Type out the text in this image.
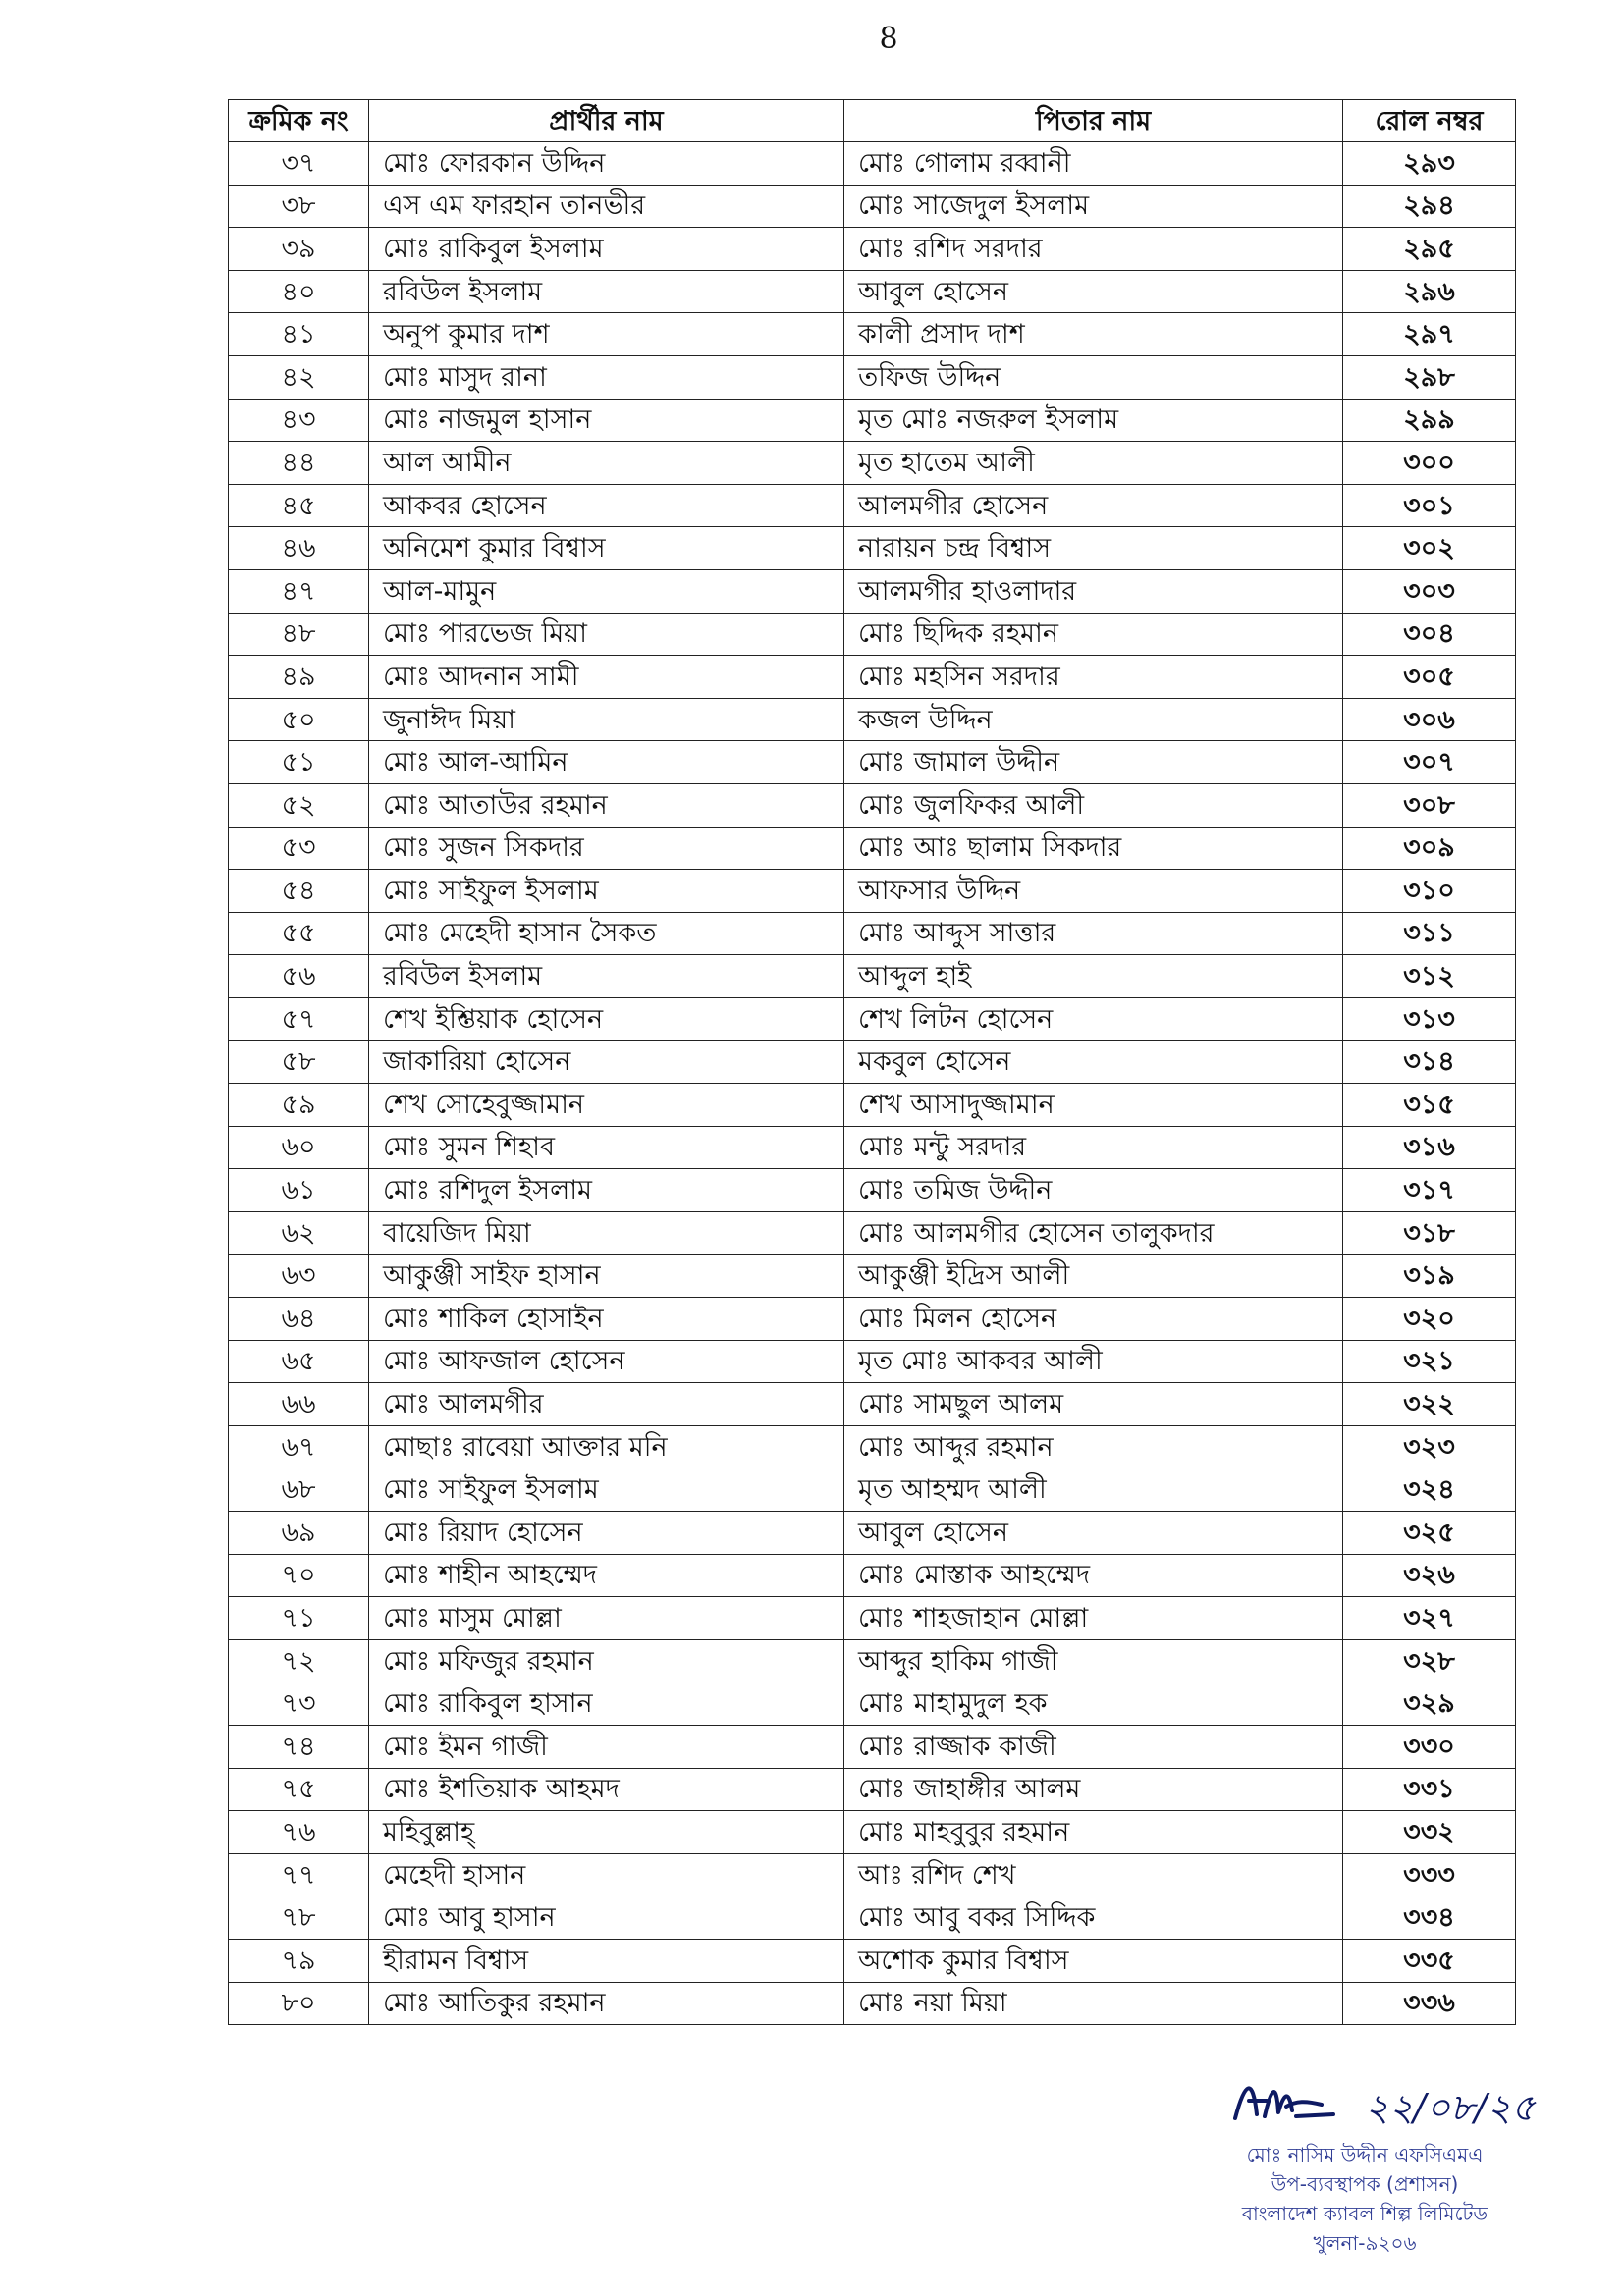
8
ক্রমিক নং	প্রার্থীর নাম	পিতার নাম	রোল নম্বর
৩৭	মোঃ ফোরকান উদ্দিন	মোঃ গোলাম রব্বানী	২৯৩
৩৮	এস এম ফারহান তানভীর	মোঃ সাজেদুল ইসলাম	২৯৪
৩৯	মোঃ রাকিবুল ইসলাম	মোঃ রশিদ সরদার	২৯৫
৪০	রবিউল ইসলাম	আবুল হোসেন	২৯৬
৪১	অনুপ কুমার দাশ	কালী প্রসাদ দাশ	২৯৭
৪২	মোঃ মাসুদ রানা	তফিজ উদ্দিন	২৯৮
৪৩	মোঃ নাজমুল হাসান	মৃত মোঃ নজরুল ইসলাম	২৯৯
৪৪	আল আমীন	মৃত হাতেম আলী	৩০০
৪৫	আকবর হোসেন	আলমগীর হোসেন	৩০১
৪৬	অনিমেশ কুমার বিশ্বাস	নারায়ন চন্দ্র বিশ্বাস	৩০২
৪৭	আল-মামুন	আলমগীর হাওলাদার	৩০৩
৪৮	মোঃ পারভেজ মিয়া	মোঃ ছিদ্দিক রহমান	৩০৪
৪৯	মোঃ আদনান সামী	মোঃ মহসিন সরদার	৩০৫
৫০	জুনাঈদ মিয়া	কজল উদ্দিন	৩০৬
৫১	মোঃ আল-আমিন	মোঃ জামাল উদ্দীন	৩০৭
৫২	মোঃ আতাউর রহমান	মোঃ জুলফিকর আলী	৩০৮
৫৩	মোঃ সুজন সিকদার	মোঃ আঃ ছালাম সিকদার	৩০৯
৫৪	মোঃ সাইফুল ইসলাম	আফসার উদ্দিন	৩১০
৫৫	মোঃ মেহেদী হাসান সৈকত	মোঃ আব্দুস সাত্তার	৩১১
৫৬	রবিউল ইসলাম	আব্দুল হাই	৩১২
৫৭	শেখ ইশ্তিয়াক হোসেন	শেখ লিটন হোসেন	৩১৩
৫৮	জাকারিয়া হোসেন	মকবুল হোসেন	৩১৪
৫৯	শেখ সোহেবুজ্জামান	শেখ আসাদুজ্জামান	৩১৫
৬০	মোঃ সুমন শিহাব	মোঃ মন্টু সরদার	৩১৬
৬১	মোঃ রশিদুল ইসলাম	মোঃ তমিজ উদ্দীন	৩১৭
৬২	বায়েজিদ মিয়া	মোঃ আলমগীর হোসেন তালুকদার	৩১৮
৬৩	আকুঞ্জী সাইফ হাসান	আকুঞ্জী ইদ্রিস আলী	৩১৯
৬৪	মোঃ শাকিল হোসাইন	মোঃ মিলন হোসেন	৩২০
৬৫	মোঃ আফজাল হোসেন	মৃত মোঃ আকবর আলী	৩২১
৬৬	মোঃ আলমগীর	মোঃ সামছুল আলম	৩২২
৬৭	মোছাঃ রাবেয়া আক্তার মনি	মোঃ আব্দুর রহমান	৩২৩
৬৮	মোঃ সাইফুল ইসলাম	মৃত আহম্মদ আলী	৩২৪
৬৯	মোঃ রিয়াদ হোসেন	আবুল হোসেন	৩২৫
৭০	মোঃ শাহীন আহম্মেদ	মোঃ মোস্তাক আহম্মেদ	৩২৬
৭১	মোঃ মাসুম মোল্লা	মোঃ শাহজাহান মোল্লা	৩২৭
৭২	মোঃ মফিজুর রহমান	আব্দুর হাকিম গাজী	৩২৮
৭৩	মোঃ রাকিবুল হাসান	মোঃ মাহামুদুল হক	৩২৯
৭৪	মোঃ ইমন গাজী	মোঃ রাজ্জাক কাজী	৩৩০
৭৫	মোঃ ইশতিয়াক আহমদ	মোঃ জাহাঙ্গীর আলম	৩৩১
৭৬	মহিবুল্লাহ্	মোঃ মাহবুবুর রহমান	৩৩২
৭৭	মেহেদী হাসান	আঃ রশিদ শেখ	৩৩৩
৭৮	মোঃ আবু হাসান	মোঃ আবু বকর সিদ্দিক	৩৩৪
৭৯	হীরামন বিশ্বাস	অশোক কুমার বিশ্বাস	৩৩৫
৮০	মোঃ আতিকুর রহমান	মোঃ নয়া মিয়া	৩৩৬
২২/০৮/২৫
মোঃ নাসিম উদ্দীন এফসিএমএ
উপ-ব্যবস্থাপক (প্রশাসন)
বাংলাদেশ ক্যাবল শিল্প লিমিটেড
খুলনা-৯২০৬
